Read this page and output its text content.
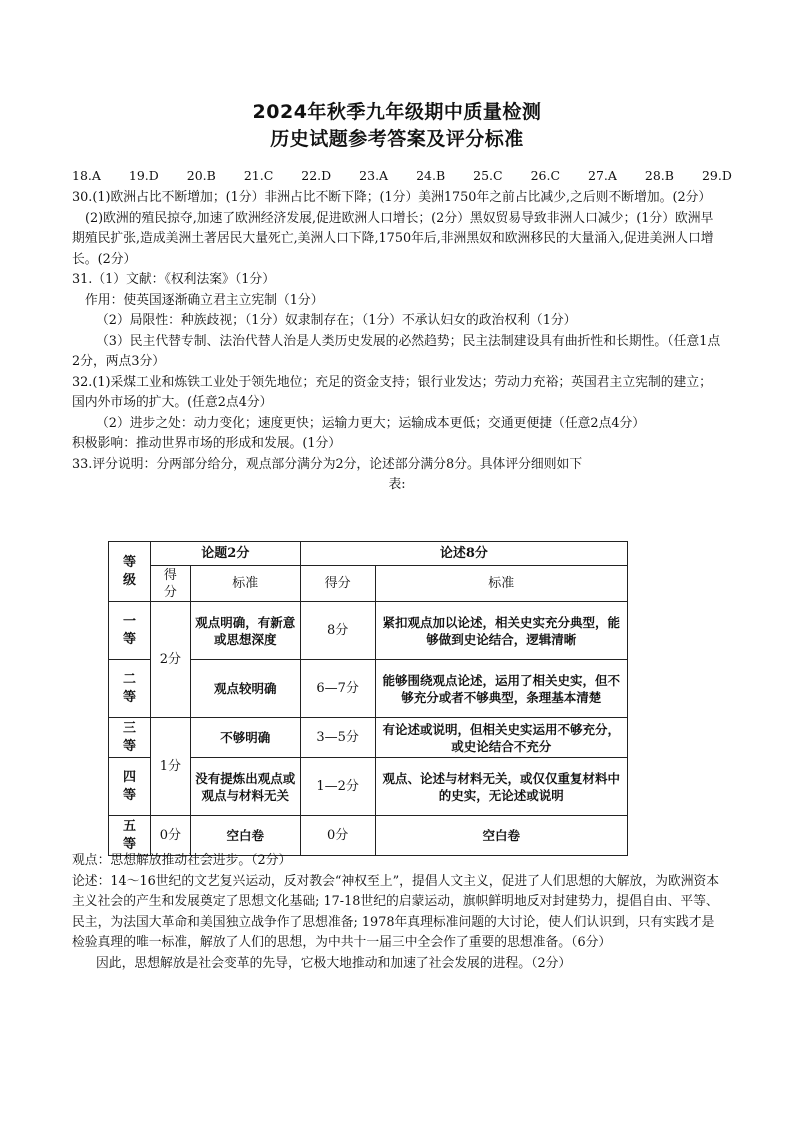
2024年秋季九年级期中质量检测
历史试题参考答案及评分标准
18.A 19.D 20.B 21.C 22.D 23.A 24.B 25.C 26.C 27.A 28.B 29.D

30.(1)欧洲占比不断增加；(1分）非洲占比不断下降；(1分）美洲1750年之前占比减少,之后则不断增加。(2分）

(2)欧洲的殖民掠夺,加速了欧洲经济发展,促进欧洲人口增长；(2分）黑奴贸易导致非洲人口减少；(1分）欧洲早期殖民扩张,造成美洲土著居民大量死亡,美洲人口下降,1750年后,非洲黑奴和欧洲移民的大量涌入,促进美洲人口增长。(2分）

31.（1）文献：《权利法案》（1分）

作用：使英国逐渐确立君主立宪制（1分）

（2）局限性：种族歧视；（1分）奴隶制存在；（1分）不承认妇女的政治权利（1分）

（3）民主代替专制、法治代替人治是人类历史发展的必然趋势；民主法制建设具有曲折性和长期性。（任意1点2分，两点3分）

32.(1)采煤工业和炼铁工业处于领先地位；充足的资金支持；银行业发达；劳动力充裕；英国君主立宪制的建立；国内外市场的扩大。(任意2点4分）

（2）进步之处：动力变化；速度更快；运输力更大；运输成本更低；交通更便捷（任意2点4分）

积极影响：推动世界市场的形成和发展。(1分）

33.评分说明：分两部分给分，观点部分满分为2分，论述部分满分8分。具体评分细则如下

表:

等级	论题2分		论述8分	

	得分	标准	得分	标准

一等	2分	观点明确，有新意或思想深度	8分	紧扣观点加以论述，相关史实充分典型，能够做到史论结合，逻辑清晰

二等		观点较明确	6—7分	能够围绕观点论述，运用了相关史实，但不够充分或者不够典型，条理基本清楚

三等	1分	不够明确	3—5分	有论述或说明，但相关史实运用不够充分，或史论结合不充分

四等		没有提炼出观点或观点与材料无关	1—2分	观点、论述与材料无关，或仅仅重复材料中的史实，无论述或说明

五等	0分	空白卷	0分	空白卷

观点：思想解放推动社会进步。（2分）

论述：14～16世纪的文艺复兴运动，反对教会“神权至上”，提倡人文主义，促进了人们思想的大解放，为欧洲资本主义社会的产生和发展奠定了思想文化基础; 17-18世纪的启蒙运动，旗帜鲜明地反对封建势力，提倡自由、平等、民主，为法国大革命和美国独立战争作了思想准备; 1978年真理标准问题的大讨论，使人们认识到，只有实践才是检验真理的唯一标准，解放了人们的思想，为中共十一届三中全会作了重要的思想准备。（6分）

因此，思想解放是社会变革的先导，它极大地推动和加速了社会发展的进程。（2分）
